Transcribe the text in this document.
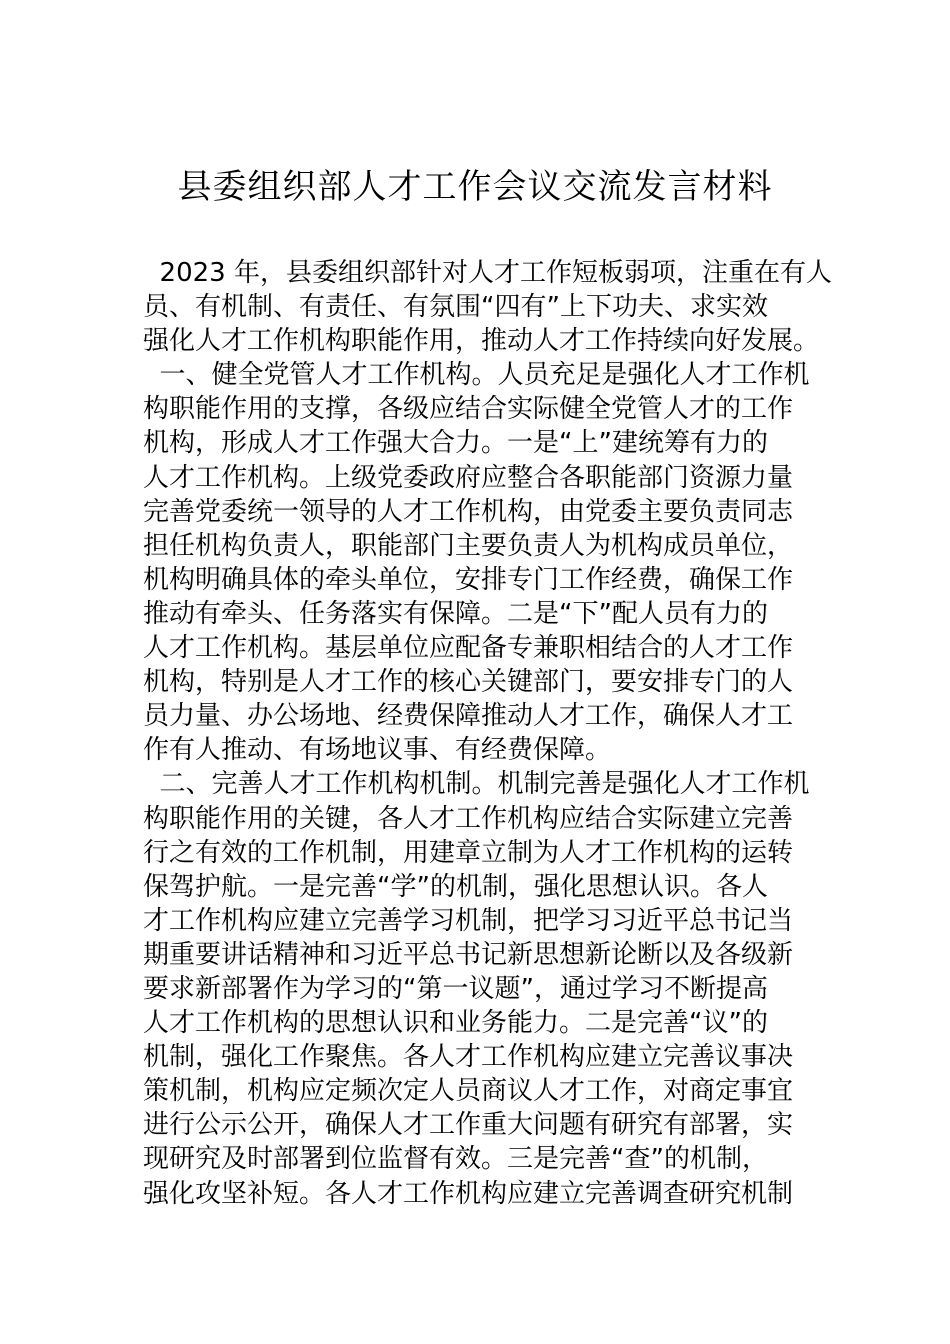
县委组织部人才工作会议交流发言材料
2023 年，县委组织部针对人才工作短板弱项，注重在有人
员、有机制、有责任、有氛围“四有”上下功夫、求实效
强化人才工作机构职能作用，推动人才工作持续向好发展。
一、健全党管人才工作机构。人员充足是强化人才工作机
构职能作用的支撑，各级应结合实际健全党管人才的工作
机构，形成人才工作强大合力。一是“上”建统筹有力的
人才工作机构。上级党委政府应整合各职能部门资源力量
完善党委统一领导的人才工作机构，由党委主要负责同志
担任机构负责人，职能部门主要负责人为机构成员单位，
机构明确具体的牵头单位，安排专门工作经费，确保工作
推动有牵头、任务落实有保障。二是“下”配人员有力的
人才工作机构。基层单位应配备专兼职相结合的人才工作
机构，特别是人才工作的核心关键部门，要安排专门的人
员力量、办公场地、经费保障推动人才工作，确保人才工
作有人推动、有场地议事、有经费保障。
二、完善人才工作机构机制。机制完善是强化人才工作机
构职能作用的关键，各人才工作机构应结合实际建立完善
行之有效的工作机制，用建章立制为人才工作机构的运转
保驾护航。一是完善“学”的机制，强化思想认识。各人
才工作机构应建立完善学习机制，把学习习近平总书记当
期重要讲话精神和习近平总书记新思想新论断以及各级新
要求新部署作为学习的“第一议题”，通过学习不断提高
人才工作机构的思想认识和业务能力。二是完善“议”的
机制，强化工作聚焦。各人才工作机构应建立完善议事决
策机制，机构应定频次定人员商议人才工作，对商定事宜
进行公示公开，确保人才工作重大问题有研究有部署，实
现研究及时部署到位监督有效。三是完善“查”的机制，
强化攻坚补短。各人才工作机构应建立完善调查研究机制
